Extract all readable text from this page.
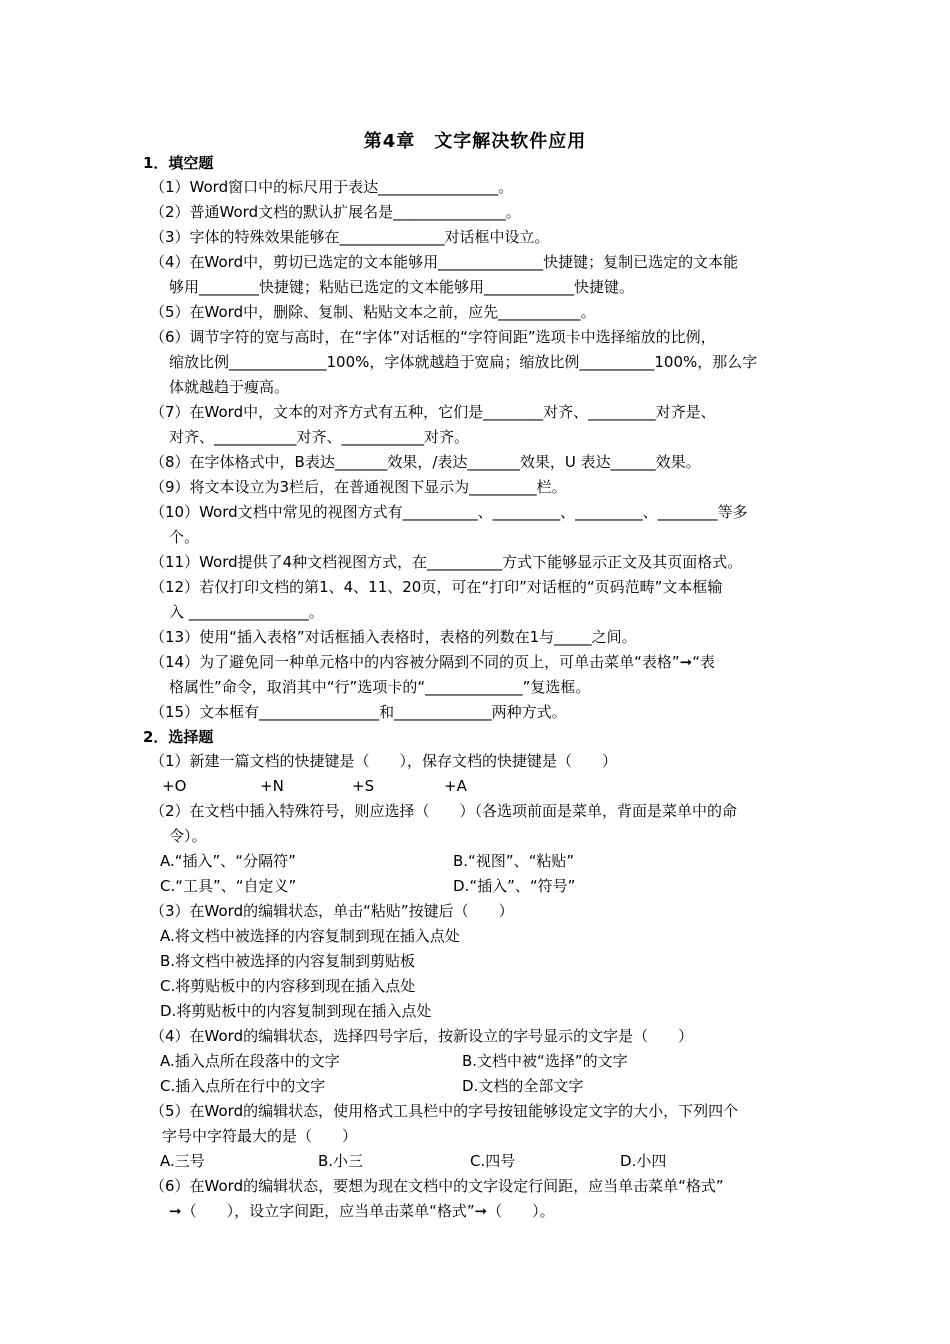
第4章　文字解决软件应用
1．填空题
（1）Word窗口中的标尺用于表达________________。
（2）普通Word文档的默认扩展名是_______________。
（3）字体的特殊效果能够在______________对话框中设立。
（4）在Word中，剪切已选定的文本能够用______________快捷键；复制已选定的文本能
够用________快捷键；粘贴已选定的文本能够用____________快捷键。
（5）在Word中，删除、复制、粘贴文本之前，应先___________。
（6）调节字符的宽与高时，在“字体”对话框的“字符间距”选项卡中选择缩放的比例，
缩放比例_____________100%，字体就越趋于宽扁；缩放比例__________100%，那么字
体就越趋于瘦高。
（7）在Word中，文本的对齐方式有五种，它们是________对齐、_________对齐是、
对齐、___________对齐、___________对齐。
（8）在字体格式中，B表达_______效果，/表达_______效果，U 表达______效果。
（9）将文本设立为3栏后，在普通视图下显示为_________栏。
（10）Word文档中常见的视图方式有__________、_________、_________、________等多
个。
（11）Word提供了4种文档视图方式，在__________方式下能够显示正文及其页面格式。
（12）若仅打印文档的第1、4、11、20页，可在“打印”对话框的“页码范畴”文本框输
入 ________________。
（13）使用“插入表格”对话框插入表格时，表格的列数在1与_____之间。
（14）为了避免同一种单元格中的内容被分隔到不同的页上，可单击菜单“表格”➞“表
格属性”命令，取消其中“行”选项卡的“_____________”复选框。
（15）文本框有________________和_____________两种方式。
2．选择题
（1）新建一篇文档的快捷键是（　　），保存文档的快捷键是（　　）
+O	+N	+S	+A
（2）在文档中插入特殊符号，则应选择（　　）（各选项前面是菜单，背面是菜单中的命
令）。
A.“插入”、“分隔符”	B.“视图”、“粘贴”
C.“工具”、“自定义”	D.“插入”、“符号”
（3）在Word的编辑状态，单击“粘贴”按键后（　　）
A.将文档中被选择的内容复制到现在插入点处
B.将文档中被选择的内容复制到剪贴板
C.将剪贴板中的内容移到现在插入点处
D.将剪贴板中的内容复制到现在插入点处
（4）在Word的编辑状态，选择四号字后，按新设立的字号显示的文字是（　　）
A.插入点所在段落中的文字	B.文档中被“选择”的文字
C.插入点所在行中的文字	D.文档的全部文字
（5）在Word的编辑状态，使用格式工具栏中的字号按钮能够设定文字的大小，下列四个
字号中字符最大的是（　　）
A.三号	B.小三	C.四号	D.小四
（6）在Word的编辑状态，要想为现在文档中的文字设定行间距，应当单击菜单“格式”
➞（　　），设立字间距，应当单击菜单“格式”➞（　　）。
